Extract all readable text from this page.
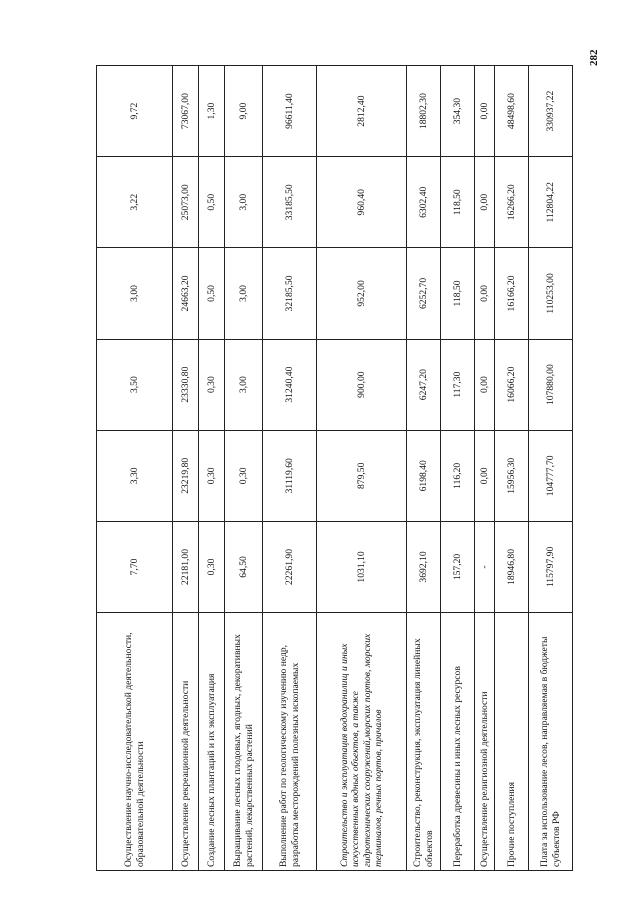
282
Осуществление научно-исследовательской деятельности, образовательной деятельности	7,70	3,30	3,50	3,00	3,22	9,72
Осуществление рекреационной деятельности	22181,00	23219,80	23330,80	24663,20	25073,00	73067,00
Создание лесных плантаций и их эксплуатация	0,30	0,30	0,30	0,50	0,50	1,30
Выращивание лесных плодовых, ягодных, декоративных растений, лекарственных растений	64,50	0,30	3,00	3,00	3,00	9,00
Выполнение работ по геологическому изучению недр, разработка месторождений полезных ископаемых	22261,90	31119,60	31240,40	32185,50	33185,50	96611,40
Строительство и эксплуатация водохранилищ и иных искусственных водных объектов, а также гидротехнических сооружений,морских портов, морских терминалов, речных портов, причалов	1031,10	879,50	900,00	952,00	960,40	2812,40
Строительство, реконструкция, эксплуатация линейных объектов	3692,10	6198,40	6247,20	6252,70	6302,40	18802,30
Переработка древесины и иных лесных ресурсов	157,20	116,20	117,30	118,50	118,50	354,30
Осуществление религиозной деятельности	-	0,00	0,00	0,00	0,00	0,00
Прочие поступления	18946,80	15956,30	16066,20	16166,20	16266,20	48498,60
Плата за использование лесов, направляемая в бюджеты субъектов РФ	115797,90	104777,70	107880,00	110253,00	112804,22	330937,22
